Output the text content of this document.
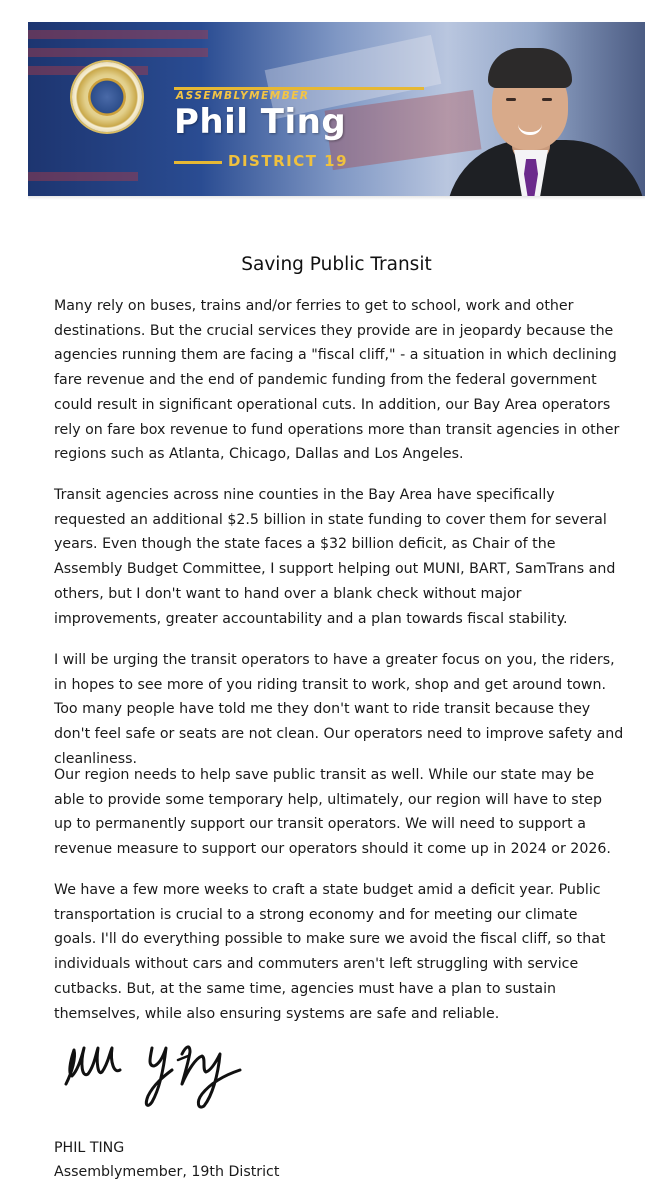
ASSEMBLYMEMBER
Phil Ting
DISTRICT 19
Saving Public Transit

Many rely on buses, trains and/or ferries to get to school, work and other destinations. But the crucial services they provide are in jeopardy because the agencies running them are facing a "fiscal cliff," - a situation in which declining fare revenue and the end of pandemic funding from the federal government could result in significant operational cuts. In addition, our Bay Area operators rely on fare box revenue to fund operations more than transit agencies in other regions such as Atlanta, Chicago, Dallas and Los Angeles.

Transit agencies across nine counties in the Bay Area have specifically requested an additional $2.5 billion in state funding to cover them for several years. Even though the state faces a $32 billion deficit, as Chair of the Assembly Budget Committee, I support helping out MUNI, BART, SamTrans and others, but I don't want to hand over a blank check without major improvements, greater accountability and a plan towards fiscal stability.

I will be urging the transit operators to have a greater focus on you, the riders, in hopes to see more of you riding transit to work, shop and get around town. Too many people have told me they don't want to ride transit because they don't feel safe or seats are not clean. Our operators need to improve safety and cleanliness.

Our region needs to help save public transit as well. While our state may be able to provide some temporary help, ultimately, our region will have to step up to permanently support our transit operators. We will need to support a revenue measure to support our operators should it come up in 2024 or 2026.

We have a few more weeks to craft a state budget amid a deficit year. Public transportation is crucial to a strong economy and for meeting our climate goals. I'll do everything possible to make sure we avoid the fiscal cliff, so that individuals without cars and commuters aren't left struggling with service cutbacks. But, at the same time, agencies must have a plan to sustain themselves, while also ensuring systems are safe and reliable.

PHIL TING
Assemblymember, 19th District
